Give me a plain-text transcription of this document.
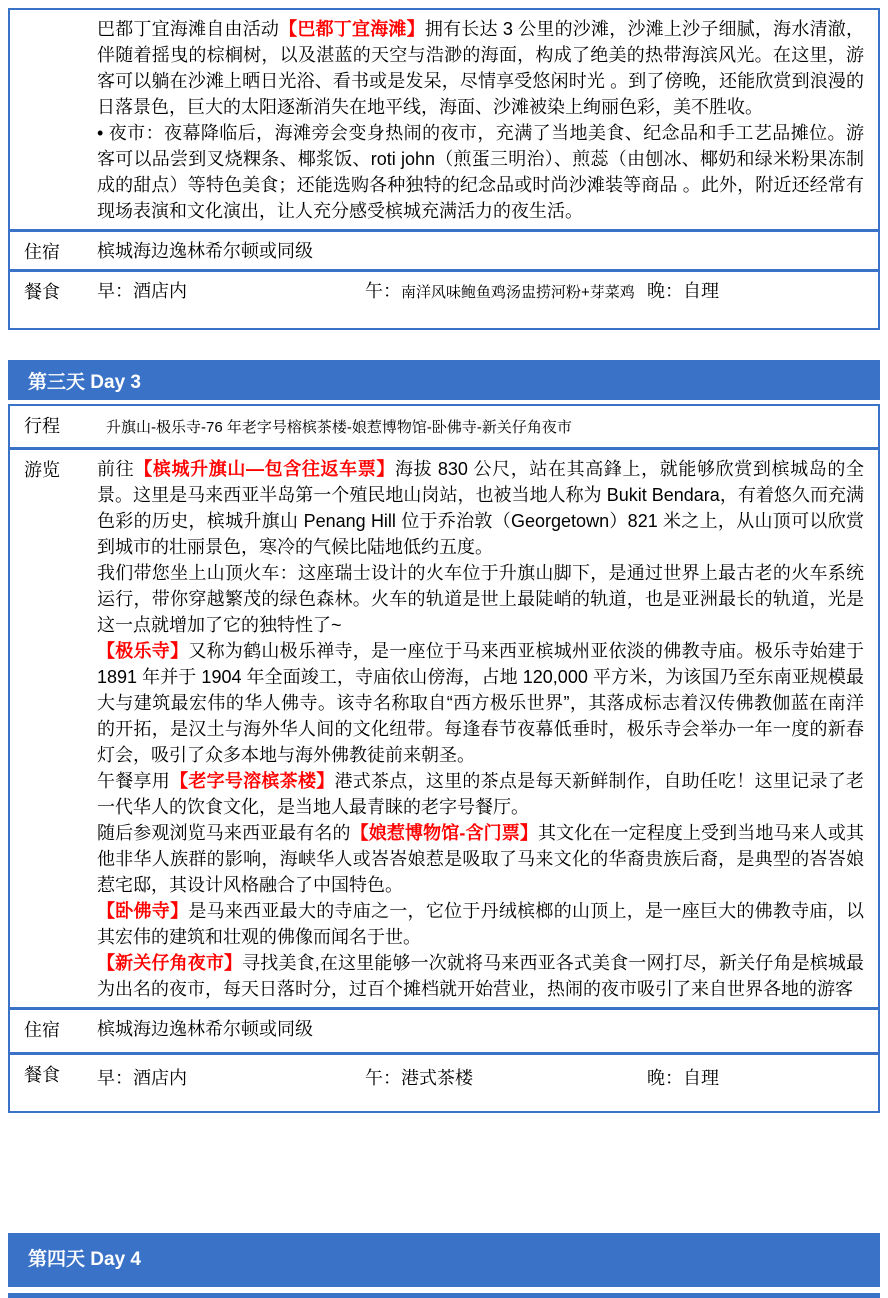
巴都丁宜海滩自由活动【巴都丁宜海滩】拥有长达 3 公里的沙滩，沙滩上沙子细腻，海水清澈，伴随着摇曳的棕榈树，以及湛蓝的天空与浩渺的海面，构成了绝美的热带海滨风光。在这里，游客可以躺在沙滩上晒日光浴、看书或是发呆，尽情享受悠闲时光 。到了傍晚，还能欣赏到浪漫的日落景色，巨大的太阳逐渐消失在地平线，海面、沙滩被染上绚丽色彩，美不胜收。

• 夜市：夜幕降临后，海滩旁会变身热闹的夜市，充满了当地美食、纪念品和手工艺品摊位。游客可以品尝到叉烧粿条、椰浆饭、roti john（煎蛋三明治）、煎蕊（由刨冰、椰奶和绿米粉果冻制成的甜点）等特色美食；还能选购各种独特的纪念品或时尚沙滩装等商品 。此外，附近还经常有现场表演和文化演出，让人充分感受槟城充满活力的夜生活。

住宿	槟城海边逸林希尔顿或同级
餐食	早：酒店内	午：南洋风味鲍鱼鸡汤盅捞河粉+芽菜鸡 晚：自理
第三天 Day 3
行程	升旗山-极乐寺-76 年老字号榕槟茶楼-娘惹博物馆-卧佛寺-新关仔角夜市
游览	前往【槟城升旗山—包含往返车票】海拔 830 公尺，站在其高鋒上，就能够欣赏到槟城岛的全景。这里是马来西亚半岛第一个殖民地山岗站，也被当地人称为 Bukit Bendara，有着悠久而充满色彩的历史，槟城升旗山 Penang Hill 位于乔治敦（Georgetown）821 米之上，从山顶可以欣赏到城市的壮丽景色，寒冷的气候比陆地低约五度。

我们带您坐上山顶火车：这座瑞士设计的火车位于升旗山脚下，是通过世界上最古老的火车系统运行，带你穿越繁茂的绿色森林。火车的轨道是世上最陡峭的轨道，也是亚洲最长的轨道，光是这一点就增加了它的独特性了~

【极乐寺】又称为鹤山极乐禅寺，是一座位于马来西亚槟城州亚依淡的佛教寺庙。极乐寺始建于 1891 年并于 1904 年全面竣工，寺庙依山傍海，占地 120,000 平方米，为该国乃至东南亚规模最大与建筑最宏伟的华人佛寺。该寺名称取自“西方极乐世界”，其落成标志着汉传佛教伽蓝在南洋的开拓，是汉土与海外华人间的文化纽带。每逢春节夜幕低垂时，极乐寺会举办一年一度的新春灯会，吸引了众多本地与海外佛教徒前来朝圣。

午餐享用【老字号溶槟茶楼】港式茶点，这里的茶点是每天新鲜制作，自助任吃！这里记录了老一代华人的饮食文化，是当地人最青睐的老字号餐厅。

随后参观浏览马来西亚最有名的【娘惹博物馆-含门票】其文化在一定程度上受到当地马来人或其他非华人族群的影响，海峡华人或峇峇娘惹是吸取了马来文化的华裔贵族后裔，是典型的峇峇娘惹宅邸，其设计风格融合了中国特色。

【卧佛寺】是马来西亚最大的寺庙之一，它位于丹绒槟榔的山顶上，是一座巨大的佛教寺庙，以其宏伟的建筑和壮观的佛像而闻名于世。

【新关仔角夜市】寻找美食,在这里能够一次就将马来西亚各式美食一网打尽，新关仔角是槟城最为出名的夜市，每天日落时分，过百个摊档就开始营业，热闹的夜市吸引了来自世界各地的游客

住宿	槟城海边逸林希尔顿或同级
餐食	早：酒店内	午：港式茶楼	晚：自理
第四天 Day 4
